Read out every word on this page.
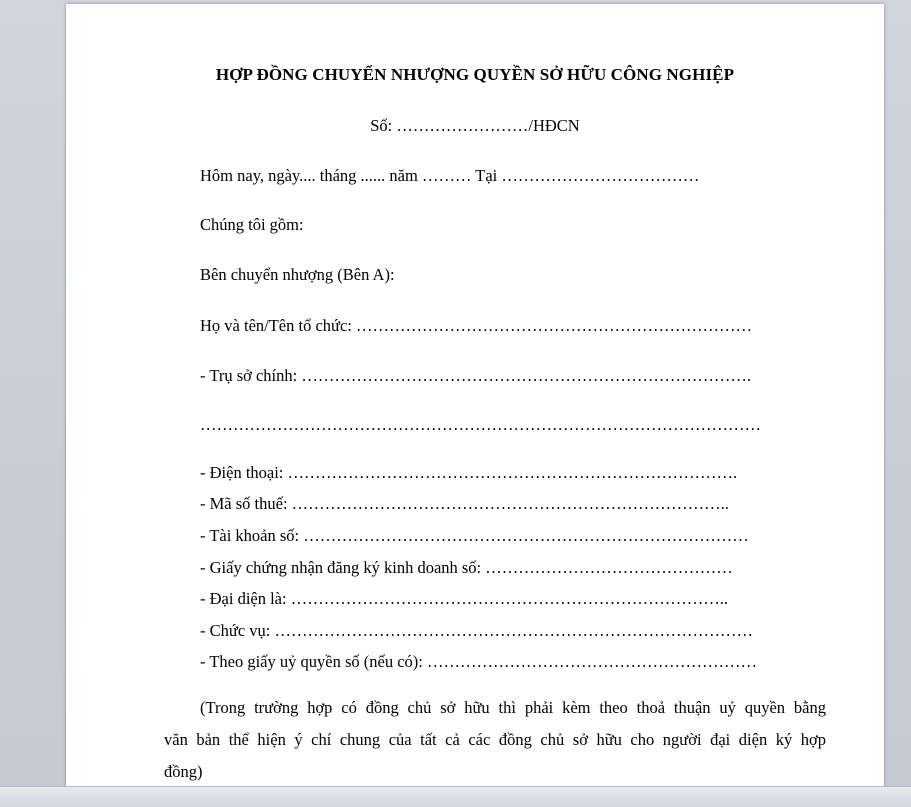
HỢP ĐỒNG CHUYỂN NHƯỢNG QUYỀN SỞ HỮU CÔNG NGHIỆP
Số: ……………………/HĐCN
Hôm nay, ngày.... tháng ...... năm ……… Tại ………………………………
Chúng tôi gồm:
Bên chuyển nhượng (Bên A):
Họ và tên/Tên tổ chức: ………………………………………………………………
- Trụ sở chính: ……………………………………………………………………….
…………………………………………………………………………………………
- Điện thoại: ……………………………………………………………………….
- Mã số thuế: ……………………………………………………………………..
- Tài khoản số: ………………………………………………………………………
- Giấy chứng nhận đăng ký kinh doanh số: ………………………………………
- Đại diện là: ……………………………………………………………………..
- Chức vụ: ……………………………………………………………………………
- Theo giấy uỷ quyền số (nếu có): ……………………………………………………
(Trong trường hợp có đồng chủ sở hữu thì phải kèm theo thoả thuận uỷ quyền bằng
văn bản thể hiện ý chí chung của tất cả các đồng chủ sở hữu cho người đại diện ký hợp
đồng)
